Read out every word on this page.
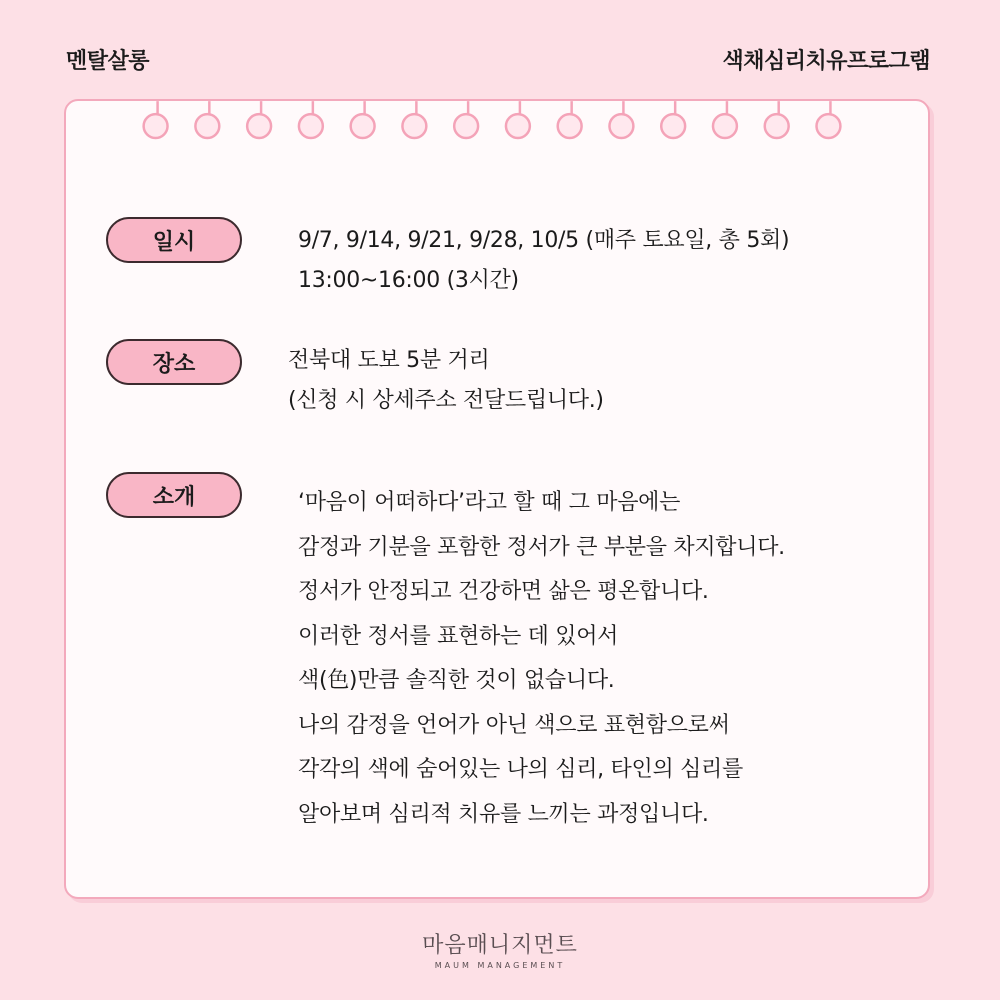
멘탈살롱	색채심리치유프로그램
일시	9/7, 9/14, 9/21, 9/28, 10/5 (매주 토요일, 총 5회)
13:00~16:00 (3시간)
장소	전북대 도보 5분 거리
(신청 시 상세주소 전달드립니다.)
소개	‘마음이 어떠하다’라고 할 때 그 마음에는
감정과 기분을 포함한 정서가 큰 부분을 차지합니다.
정서가 안정되고 건강하면 삶은 평온합니다.
이러한 정서를 표현하는 데 있어서
색(色)만큼 솔직한 것이 없습니다.
나의 감정을 언어가 아닌 색으로 표현함으로써
각각의 색에 숨어있는 나의 심리, 타인의 심리를
알아보며 심리적 치유를 느끼는 과정입니다.
마음매니지먼트
MAUM MANAGEMENT
